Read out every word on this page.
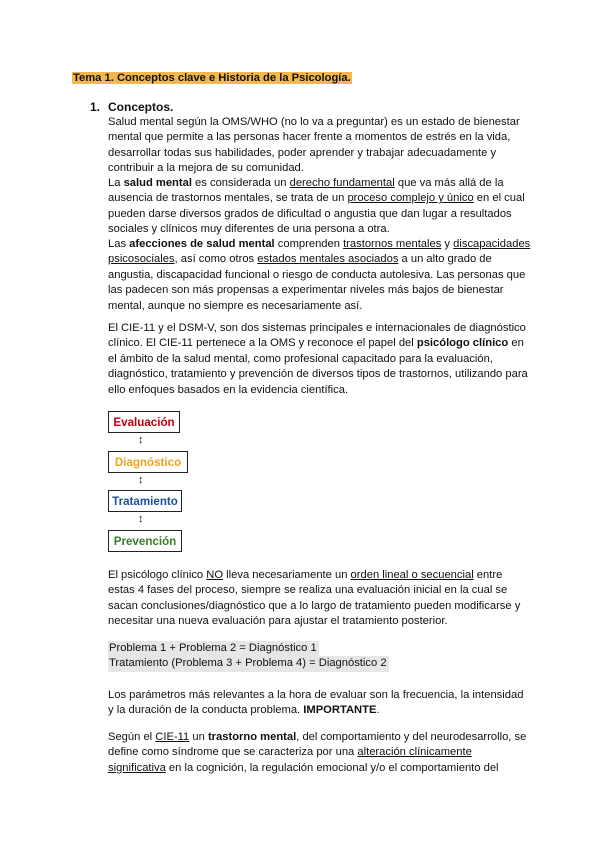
Tema 1. Conceptos clave e Historia de la Psicología.
1. Conceptos.

Salud mental según la OMS/WHO (no lo va a preguntar) es un estado de bienestar

mental que permite a las personas hacer frente a momentos de estrés en la vida,

desarrollar todas sus habilidades, poder aprender y trabajar adecuadamente y

contribuir a la mejora de su comunidad.

La salud mental es considerada un derecho fundamental que va más allá de la

ausencia de trastornos mentales, se trata de un proceso complejo y único en el cual

pueden darse diversos grados de dificultad o angustia que dan lugar a resultados

sociales y clínicos muy diferentes de una persona a otra.

Las afecciones de salud mental comprenden trastornos mentales y discapacidades

psicosociales, así como otros estados mentales asociados a un alto grado de

angustia, discapacidad funcional o riesgo de conducta autolesiva. Las personas que

las padecen son más propensas a experimentar niveles más bajos de bienestar

mental, aunque no siempre es necesariamente así.

El CIE-11 y el DSM-V, son dos sistemas principales e internacionales de diagnóstico

clínico. El CIE-11 pertenece a la OMS y reconoce el papel del psicólogo clínico en

el ámbito de la salud mental, como profesional capacitado para la evaluación,

diagnóstico, tratamiento y prevención de diversos tipos de trastornos, utilizando para

ello enfoques basados en la evidencia científica.

Evaluación
↕
Diagnóstico
↕
Tratamiento
↕
Prevención

El psicólogo clínico NO lleva necesariamente un orden lineal o secuencial entre

estas 4 fases del proceso, siempre se realiza una evaluación inicial en la cual se

sacan conclusiones/diagnóstico que a lo largo de tratamiento pueden modificarse y

necesitar una nueva evaluación para ajustar el tratamiento posterior.

Problema 1 + Problema 2 = Diagnóstico 1

Tratamiento (Problema 3 + Problema 4) = Diagnóstico 2

Los parámetros más relevantes a la hora de evaluar son la frecuencia, la intensidad

y la duración de la conducta problema. IMPORTANTE.

Según el CIE-11 un trastorno mental, del comportamiento y del neurodesarrollo, se

define como síndrome que se caracteriza por una alteración clínicamente

significativa en la cognición, la regulación emocional y/o el comportamiento del
